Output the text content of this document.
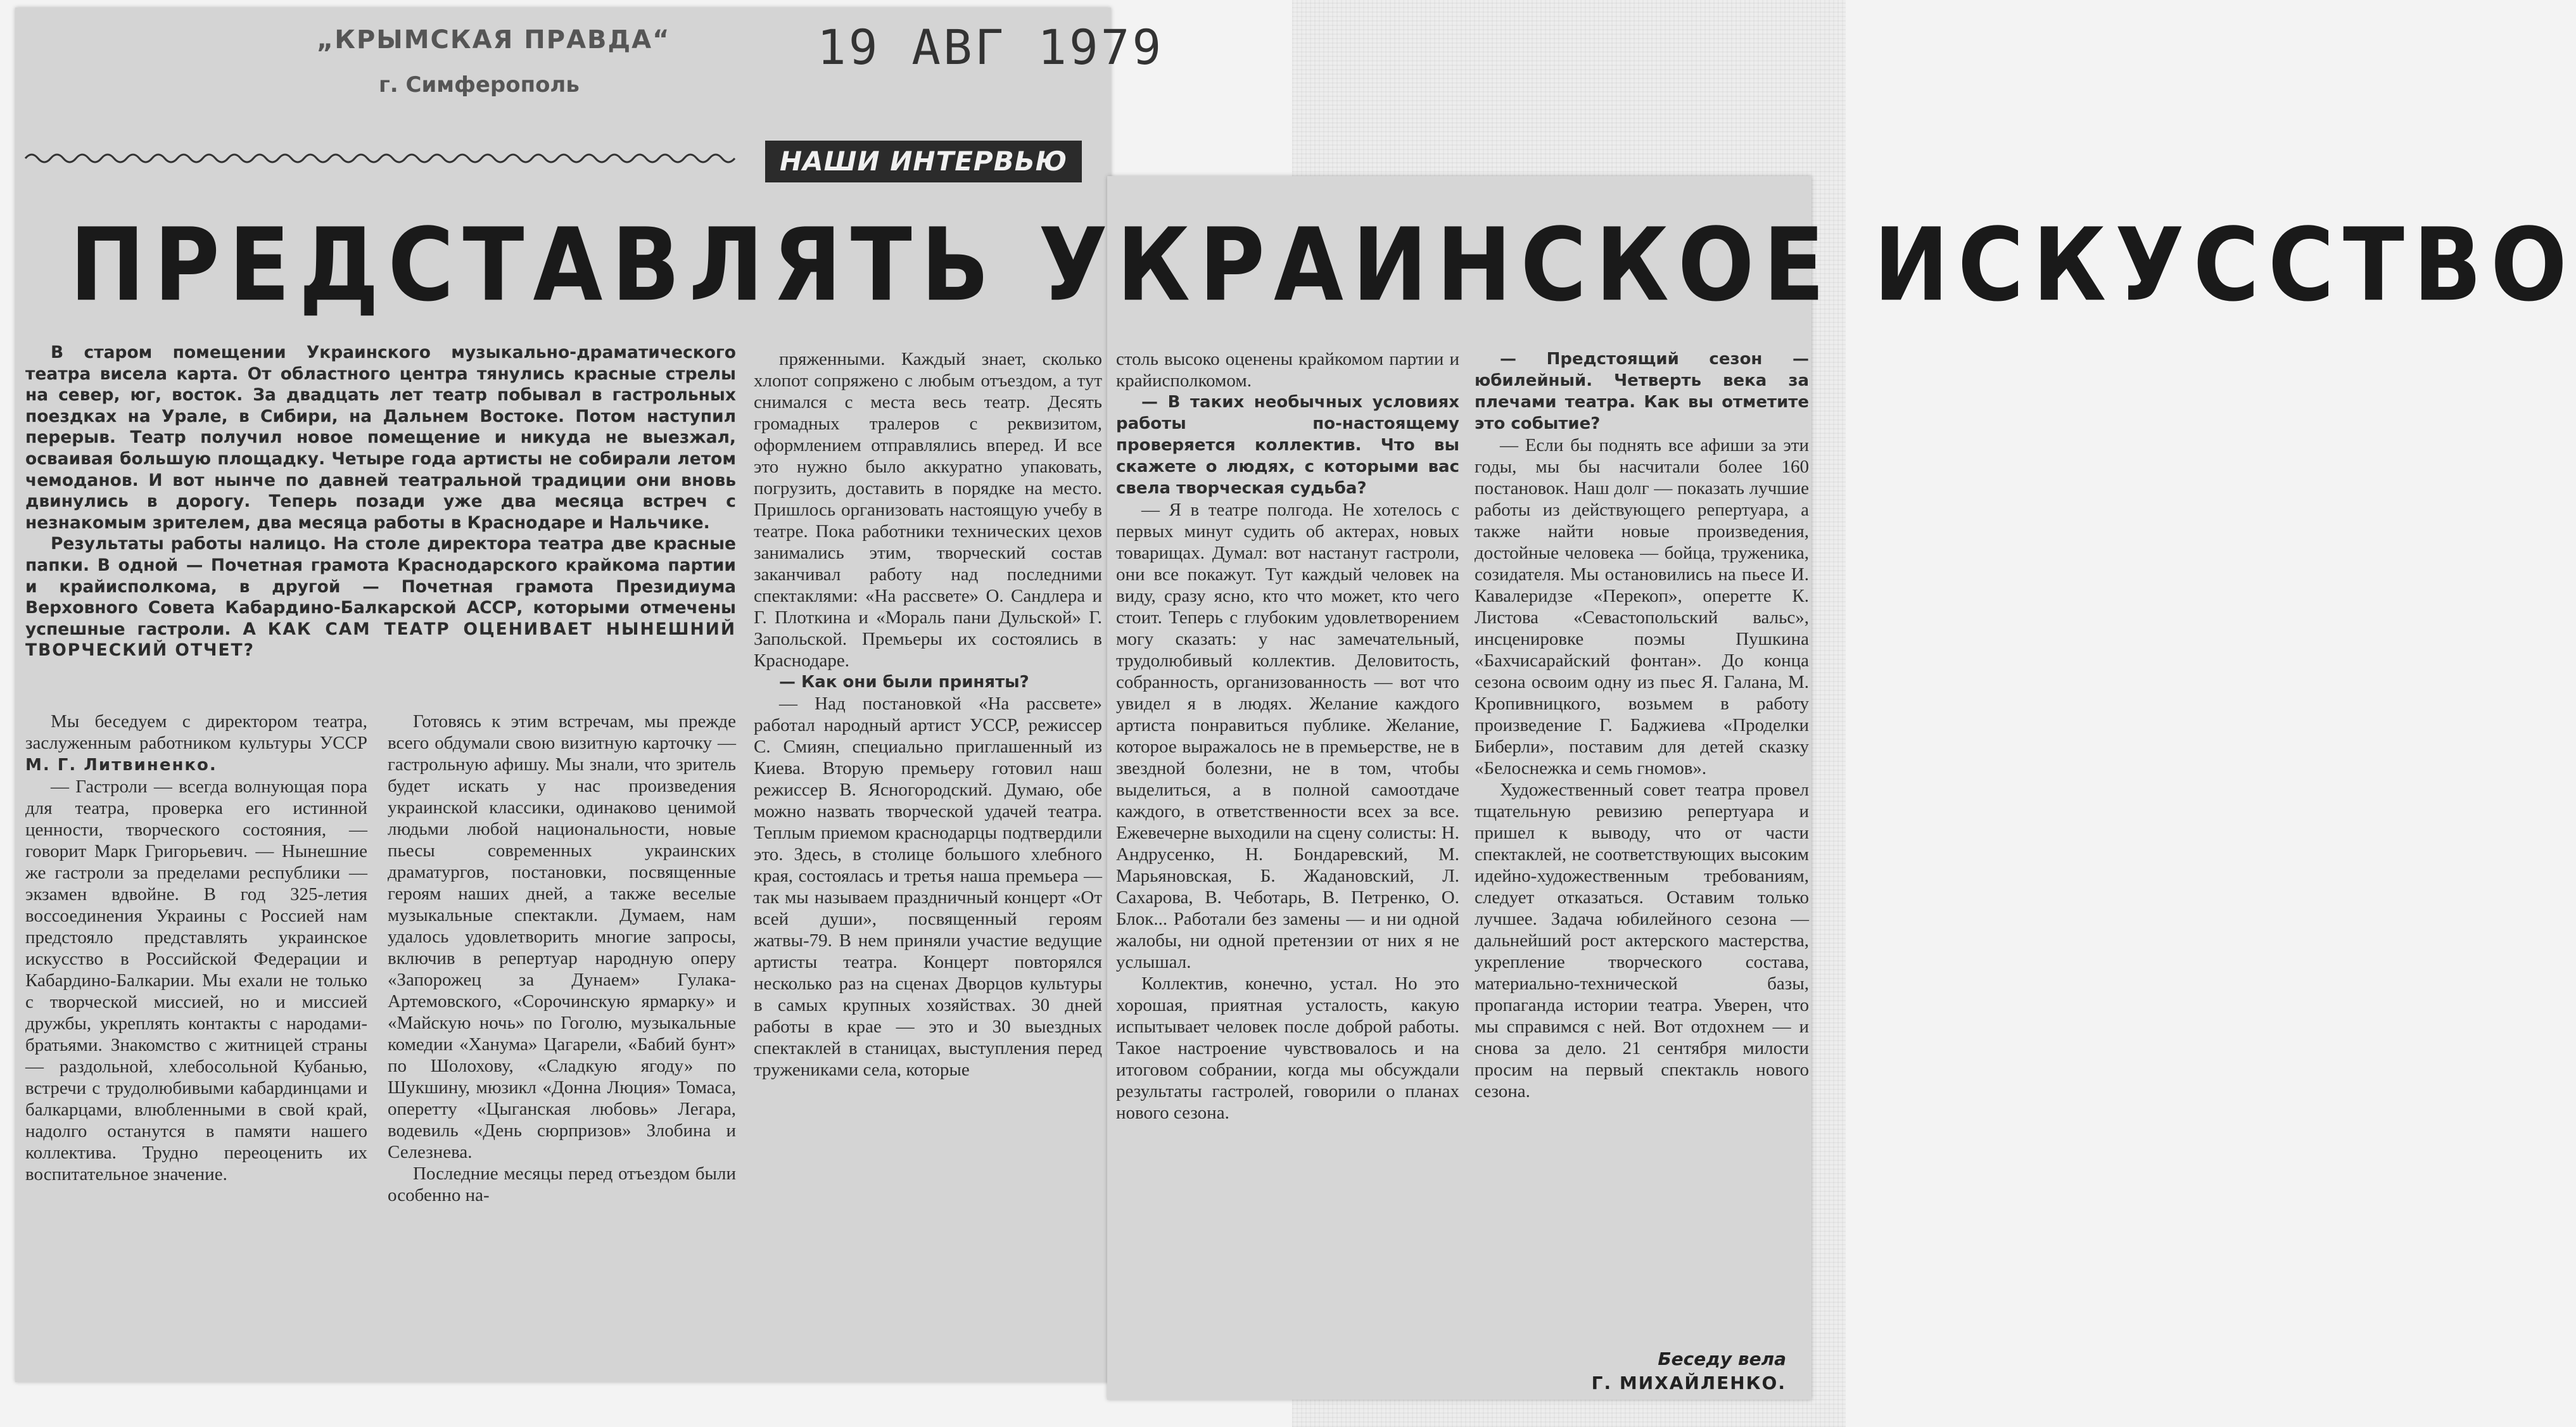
„КРЫМСКАЯ ПРАВДА“
г. Симферополь
19 АВГ 1979
НАШИ ИНТЕРВЬЮ
ПРЕДСТАВЛЯТЬ УКРАИНСКОЕ ИСКУССТВО

В старом помещении Украинского музыкально-драматического театра висела карта. От областного центра тянулись красные стрелы на север, юг, восток. За двадцать лет театр побывал в гастрольных поездках на Урале, в Сибири, на Дальнем Востоке. Потом наступил перерыв. Театр получил новое помещение и никуда не выезжал, осваивая большую площадку. Четыре года артисты не собирали летом чемоданов. И вот нынче по давней театральной традиции они вновь двинулись в дорогу. Теперь позади уже два месяца встреч с незнакомым зрителем, два месяца работы в Краснодаре и Нальчике.

Результаты работы налицо. На столе директора театра две красные папки. В одной — Почетная грамота Краснодарского крайкома партии и крайисполкома, в другой — Почетная грамота Президиума Верховного Совета Кабардино-Балкарской АССР, которыми отмечены успешные гастроли. А КАК САМ ТЕАТР ОЦЕНИВАЕТ НЫНЕШНИЙ ТВОРЧЕСКИЙ ОТЧЕТ?

Мы беседуем с директором театра, заслуженным работником культуры УССР М. Г. Литвиненко.

— Гастроли — всегда волнующая пора для театра, проверка его истинной ценности, творческого состояния, — говорит Марк Григорьевич. — Нынешние же гастроли за пределами республики — экзамен вдвойне. В год 325-летия воссоединения Украины с Россией нам предстояло представлять украинское искусство в Российской Федерации и Кабардино-Балкарии. Мы ехали не только с творческой миссией, но и миссией дружбы, укреплять контакты с народами-братьями. Знакомство с житницей страны — раздольной, хлебосольной Кубанью, встречи с трудолюбивыми кабардинцами и балкарцами, влюбленными в свой край, надолго останутся в памяти нашего коллектива. Трудно переоценить их воспитательное значение.

Готовясь к этим встречам, мы прежде всего обдумали свою визитную карточку — гастрольную афишу. Мы знали, что зритель будет искать у нас произведения украинской классики, одинаково ценимой людьми любой национальности, новые пьесы современных украинских драматургов, постановки, посвященные героям наших дней, а также веселые музыкальные спектакли. Думаем, нам удалось удовлетворить многие запросы, включив в репертуар народную оперу «Запорожец за Дунаем» Гулака-Артемовского, «Сорочинскую ярмарку» и «Майскую ночь» по Гоголю, музыкальные комедии «Ханума» Цагарели, «Бабий бунт» по Шолохову, «Сладкую ягоду» по Шукшину, мюзикл «Донна Люция» Томаса, оперетту «Цыганская любовь» Легара, водевиль «День сюрпризов» Злобина и Селезнева.

Последние месяцы перед отъездом были особенно на-

пряженными. Каждый знает, сколько хлопот сопряжено с любым отъездом, а тут снимался с места весь театр. Десять громадных тралеров с реквизитом, оформлением отправлялись вперед. И все это нужно было аккуратно упаковать, погрузить, доставить в порядке на место. Пришлось организовать настоящую учебу в театре. Пока работники технических цехов занимались этим, творческий состав заканчивал работу над последними спектаклями: «На рассвете» О. Сандлера и Г. Плоткина и «Мораль пани Дульской» Г. Запольской. Премьеры их состоялись в Краснодаре.

— Как они были приняты?

— Над постановкой «На рассвете» работал народный артист УССР, режиссер С. Смиян, специально приглашенный из Киева. Вторую премьеру готовил наш режиссер В. Ясногородский. Думаю, обе можно назвать творческой удачей театра. Теплым приемом краснодарцы подтвердили это. Здесь, в столице большого хлебного края, состоялась и третья наша премьера — так мы называем праздничный концерт «От всей души», посвященный героям жатвы-79. В нем приняли участие ведущие артисты театра. Концерт повторялся несколько раз на сценах Дворцов культуры в самых крупных хозяйствах. 30 дней работы в крае — это и 30 выездных спектаклей в станицах, выступления перед тружениками села, которые

столь высоко оценены крайкомом партии и крайисполкомом.

— В таких необычных условиях работы по-настоящему проверяется коллектив. Что вы скажете о людях, с которыми вас свела творческая судьба?

— Я в театре полгода. Не хотелось с первых минут судить об актерах, новых товарищах. Думал: вот настанут гастроли, они все покажут. Тут каждый человек на виду, сразу ясно, кто что может, кто чего стоит. Теперь с глубоким удовлетворением могу сказать: у нас замечательный, трудолюбивый коллектив. Деловитость, собранность, организованность — вот что увидел я в людях. Желание каждого артиста понравиться публике. Желание, которое выражалось не в премьерстве, не в звездной болезни, не в том, чтобы выделиться, а в полной самоотдаче каждого, в ответственности всех за все. Ежевечерне выходили на сцену солисты: Н. Андрусенко, Н. Бондаревский, М. Марьяновская, Б. Жадановский, Л. Сахарова, В. Чеботарь, В. Петренко, О. Блок... Работали без замены — и ни одной жалобы, ни одной претензии от них я не услышал.

Коллектив, конечно, устал. Но это хорошая, приятная усталость, какую испытывает человек после доброй работы. Такое настроение чувствовалось и на итоговом собрании, когда мы обсуждали результаты гастролей, говорили о планах нового сезона.

— Предстоящий сезон — юбилейный. Четверть века за плечами театра. Как вы отметите это событие?

— Если бы поднять все афиши за эти годы, мы бы насчитали более 160 постановок. Наш долг — показать лучшие работы из действующего репертуара, а также найти новые произведения, достойные человека — бойца, труженика, созидателя. Мы остановились на пьесе И. Кавалеридзе «Перекоп», оперетте К. Листова «Севастопольский вальс», инсценировке поэмы Пушкина «Бахчисарайский фонтан». До конца сезона освоим одну из пьес Я. Галана, М. Кропивницкого, возьмем в работу произведение Г. Баджиева «Проделки Биберли», поставим для детей сказку «Белоснежка и семь гномов».

Художественный совет театра провел тщательную ревизию репертуара и пришел к выводу, что от части спектаклей, не соответствующих высоким идейно-художественным требованиям, следует отказаться. Оставим только лучшее. Задача юбилейного сезона — дальнейший рост актерского мастерства, укрепление творческого состава, материально-технической базы, пропаганда истории театра. Уверен, что мы справимся с ней. Вот отдохнем — и снова за дело. 21 сентября милости просим на первый спектакль нового сезона.

Беседу вела
Г. МИХАЙЛЕНКО.
